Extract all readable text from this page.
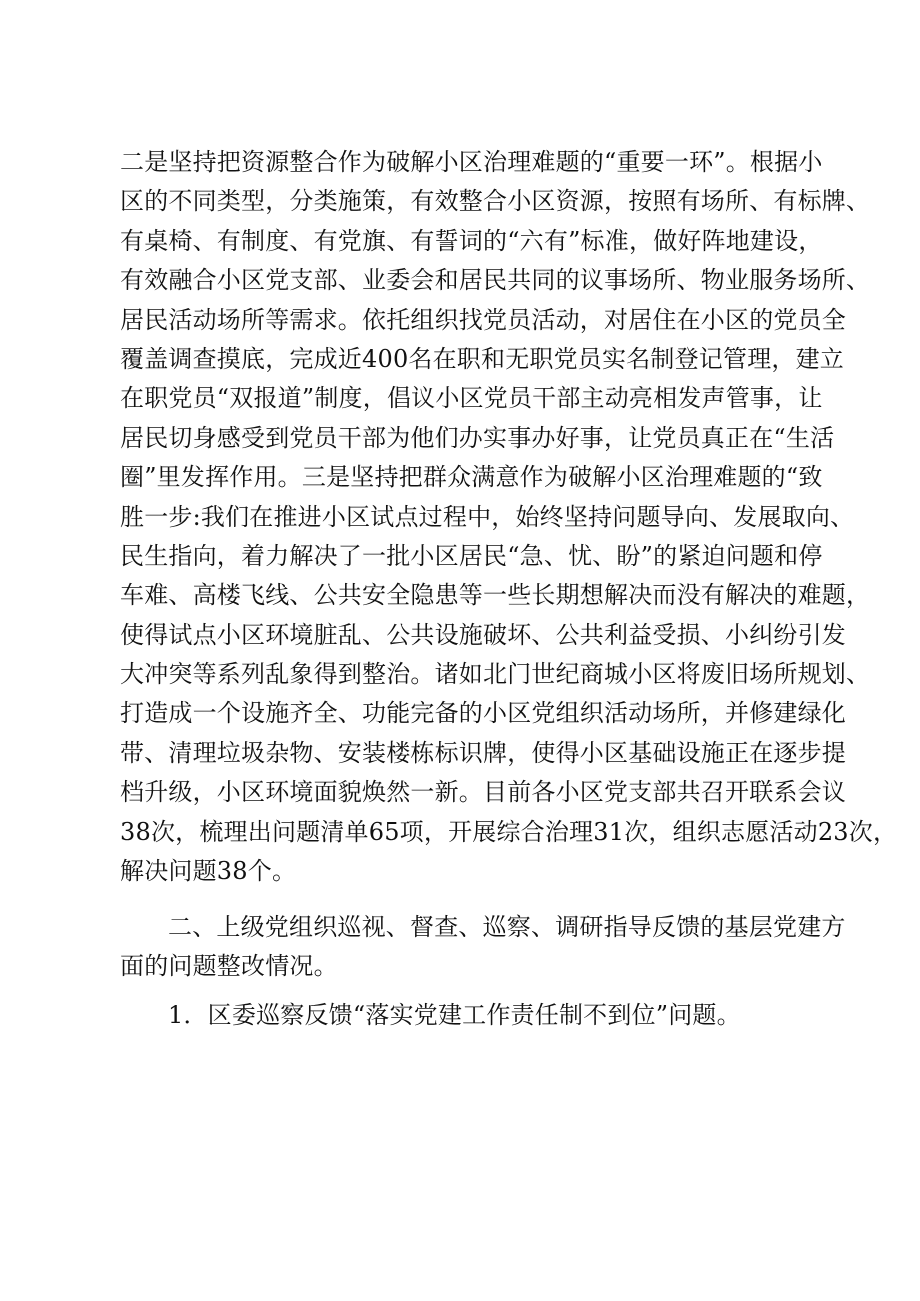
二是坚持把资源整合作为破解小区治理难题的“重要一环”。根据小
区的不同类型，分类施策，有效整合小区资源，按照有场所、有标牌、
有桌椅、有制度、有党旗、有誓词的“六有”标准，做好阵地建设，
有效融合小区党支部、业委会和居民共同的议事场所、物业服务场所、
居民活动场所等需求。依托组织找党员活动，对居住在小区的党员全
覆盖调查摸底，完成近400名在职和无职党员实名制登记管理，建立
在职党员“双报道”制度，倡议小区党员干部主动亮相发声管事，让
居民切身感受到党员干部为他们办实事办好事，让党员真正在“生活
圈”里发挥作用。三是坚持把群众满意作为破解小区治理难题的“致
胜一步:我们在推进小区试点过程中，始终坚持问题导向、发展取向、
民生指向，着力解决了一批小区居民“急、忧、盼”的紧迫问题和停
车难、高楼飞线、公共安全隐患等一些长期想解决而没有解决的难题，
使得试点小区环境脏乱、公共设施破坏、公共利益受损、小纠纷引发
大冲突等系列乱象得到整治。诸如北门世纪商城小区将废旧场所规划、
打造成一个设施齐全、功能完备的小区党组织活动场所，并修建绿化
带、清理垃圾杂物、安装楼栋标识牌，使得小区基础设施正在逐步提
档升级，小区环境面貌焕然一新。目前各小区党支部共召开联系会议
38次，梳理出问题清单65项，开展综合治理31次，组织志愿活动23次，
解决问题38个。
二、上级党组织巡视、督查、巡察、调研指导反馈的基层党建方
面的问题整改情况。
1．区委巡察反馈“落实党建工作责任制不到位”问题。
